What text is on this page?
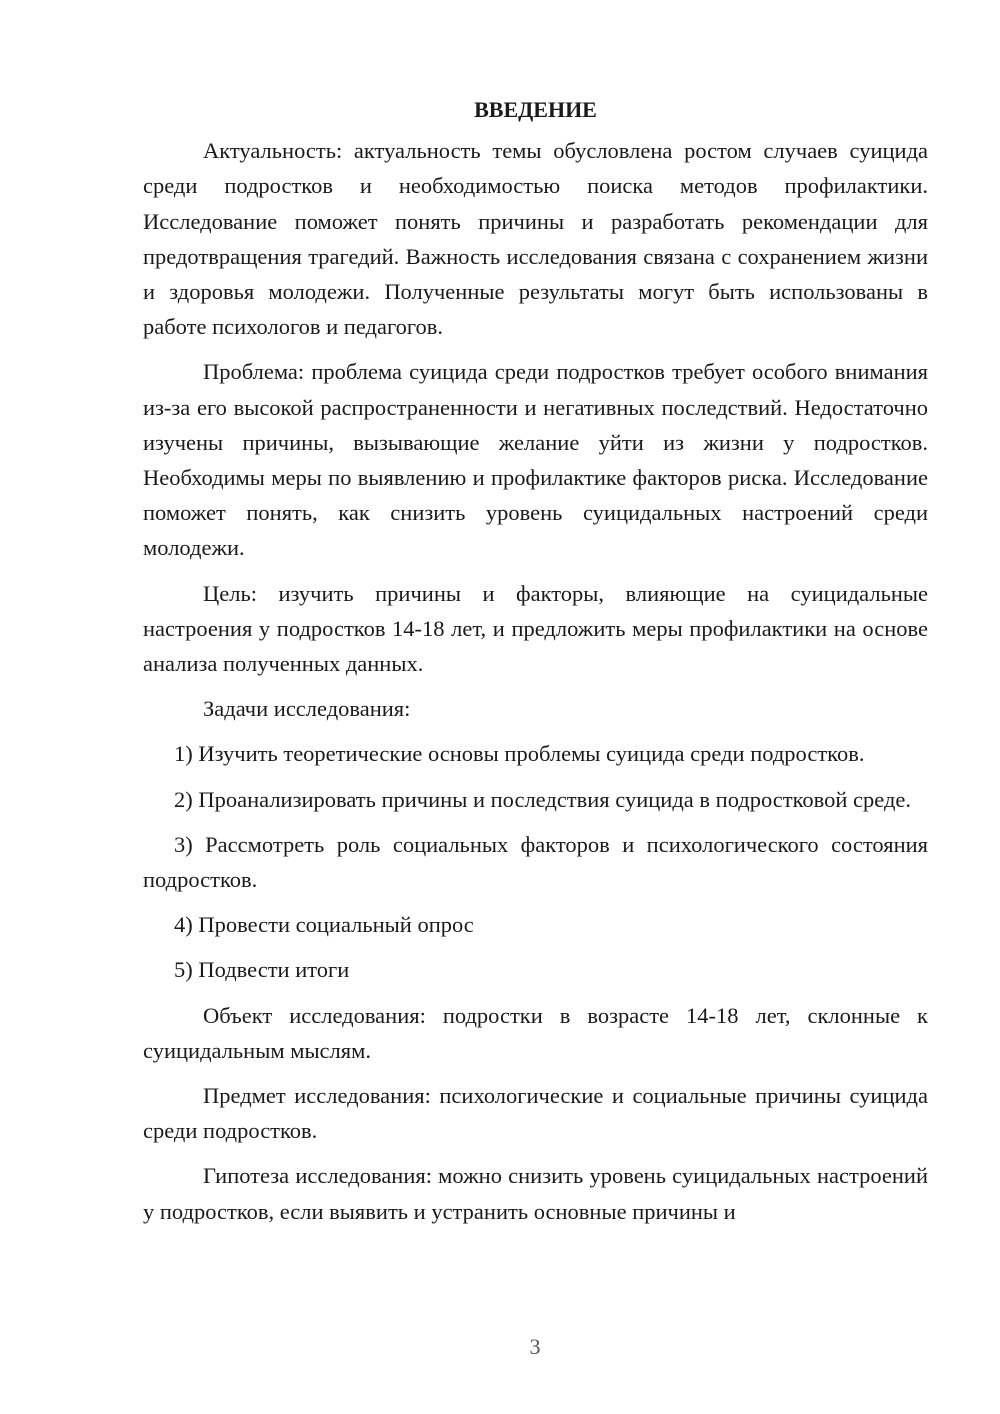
ВВЕДЕНИЕ

Актуальность: актуальность темы обусловлена ростом случаев суицида среди подростков и необходимостью поиска методов профилактики. Исследование поможет понять причины и разработать рекомендации для предотвращения трагедий. Важность исследования связана с сохранением жизни и здоровья молодежи. Полученные результаты могут быть использованы в работе психологов и педагогов.

Проблема: проблема суицида среди подростков требует особого внимания из-за его высокой распространенности и негативных последствий. Недостаточно изучены причины, вызывающие желание уйти из жизни у подростков. Необходимы меры по выявлению и профилактике факторов риска. Исследование поможет понять, как снизить уровень суицидальных настроений среди молодежи.

Цель: изучить причины и факторы, влияющие на суицидальные настроения у подростков 14-18 лет, и предложить меры профилактики на основе анализа полученных данных.

Задачи исследования:

1) Изучить теоретические основы проблемы суицида среди подростков.

2) Проанализировать причины и последствия суицида в подростковой среде.

3) Рассмотреть роль социальных факторов и психологического состояния подростков.

4) Провести социальный опрос

5) Подвести итоги

Объект исследования: подростки в возрасте 14-18 лет, склонные к суицидальным мыслям.

Предмет исследования: психологические и социальные причины суицида среди подростков.

Гипотеза исследования: можно снизить уровень суицидальных настроений у подростков, если выявить и устранить основные причины и

3
